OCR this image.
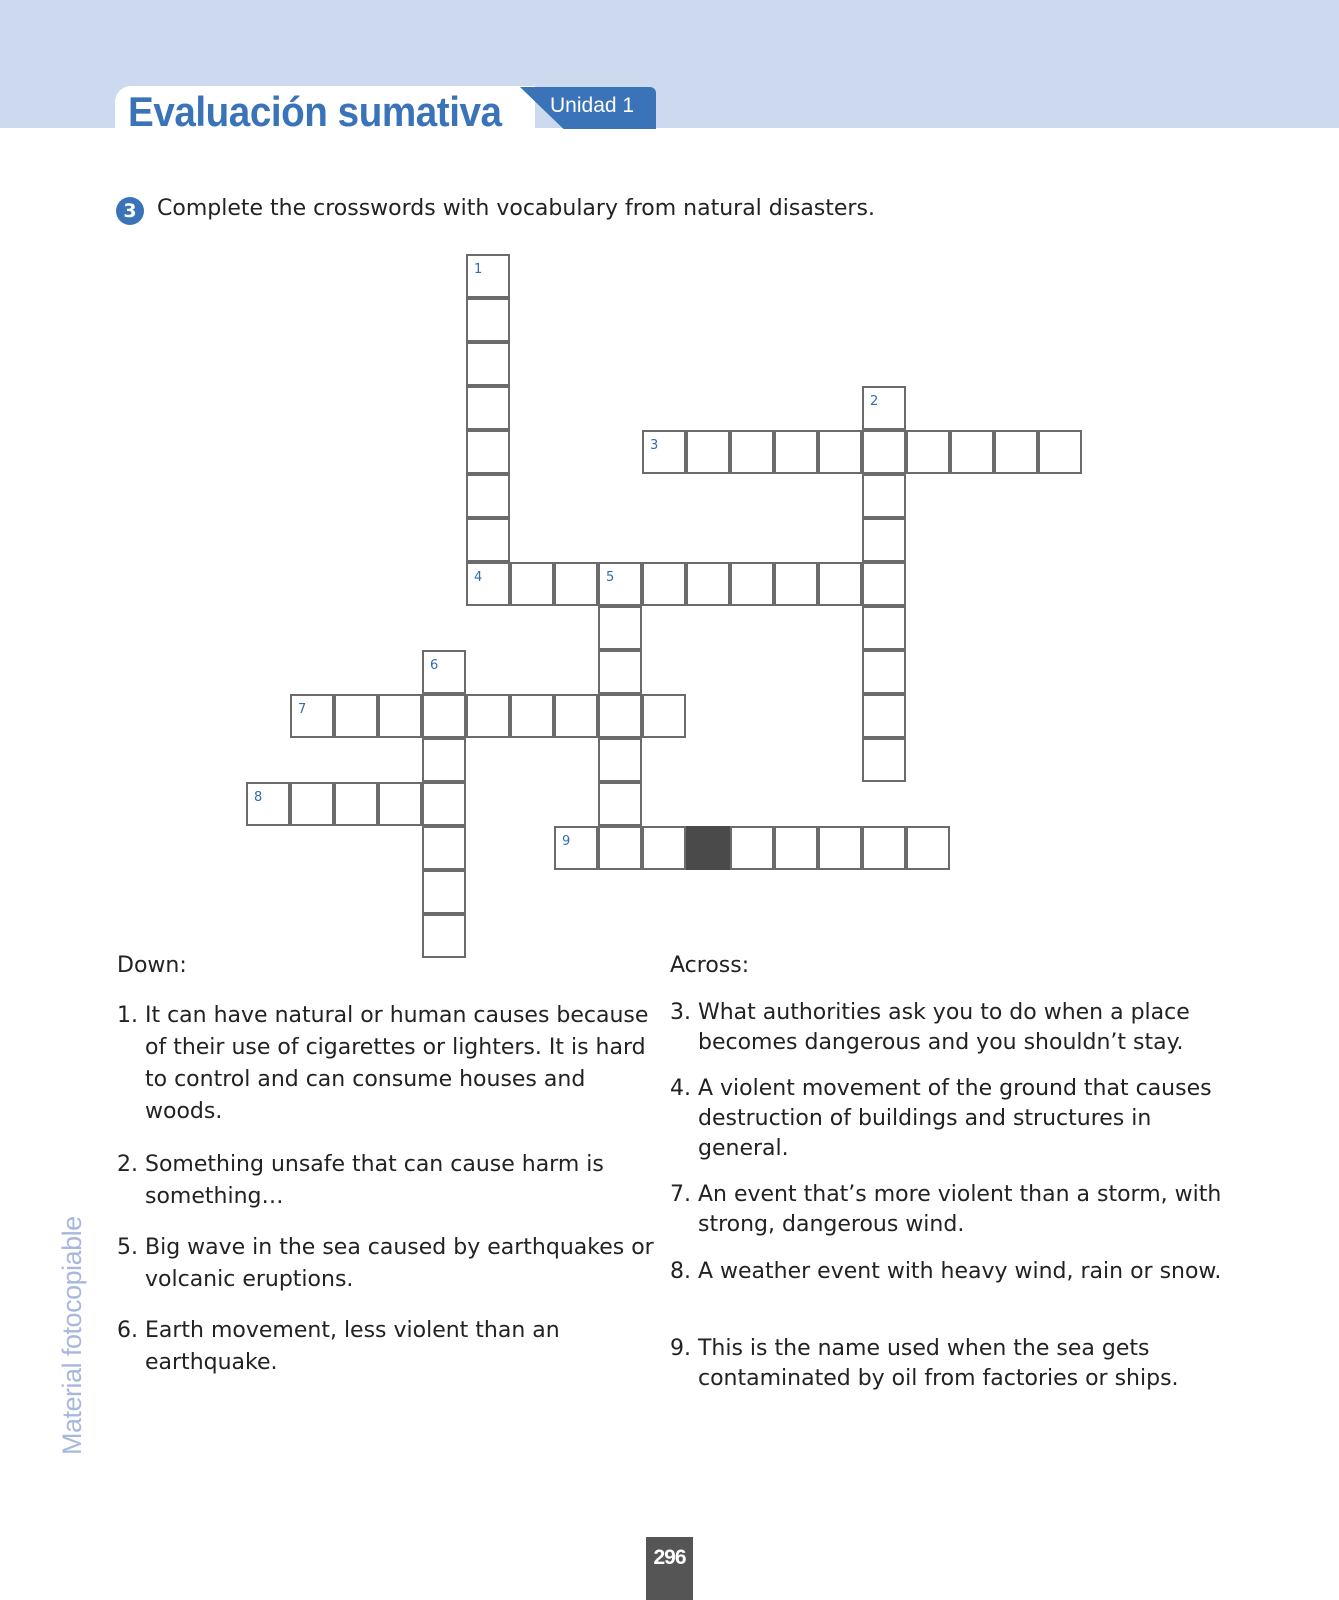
Evaluación sumativa Unidad 1
3 Complete the crosswords with vocabulary from natural disasters.
1
4
2
3
5
6
7
8
9
Down:
1. It can have natural or human causes because of their use of cigarettes or lighters. It is hard to control and can consume houses and woods.
2. Something unsafe that can cause harm is something…
5. Big wave in the sea caused by earthquakes or volcanic eruptions.
6. Earth movement, less violent than an earthquake.
Across:
3. What authorities ask you to do when a place becomes dangerous and you shouldn’t stay.
4. A violent movement of the ground that causes destruction of buildings and structures in general.
7. An event that’s more violent than a storm, with strong, dangerous wind.
8. A weather event with heavy wind, rain or snow.
9. This is the name used when the sea gets contaminated by oil from factories or ships.
Material fotocopiable
296
